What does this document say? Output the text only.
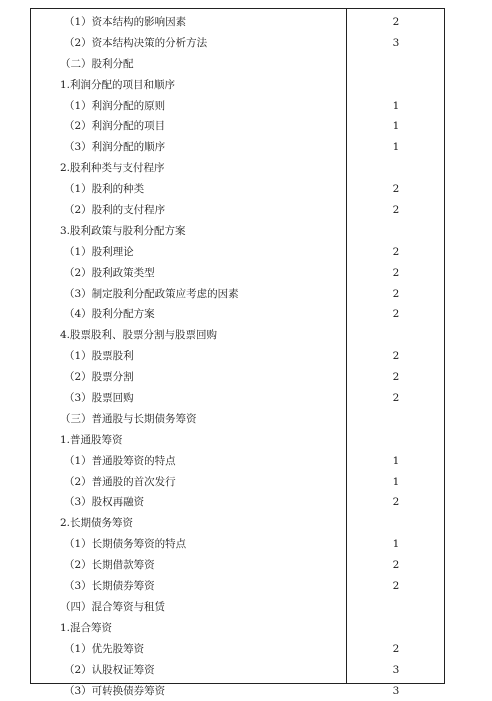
（1）资本结构的影响因素	2
（2）资本结构决策的分析方法	3
（二）股利分配
1.利润分配的项目和顺序
（1）利润分配的原则	1
（2）利润分配的项目	1
（3）利润分配的顺序	1
2.股利种类与支付程序
（1）股利的种类	2
（2）股利的支付程序	2
3.股利政策与股利分配方案
（1）股利理论	2
（2）股利政策类型	2
（3）制定股利分配政策应考虑的因素	2
（4）股利分配方案	2
4.股票股利、股票分割与股票回购
（1）股票股利	2
（2）股票分割	2
（3）股票回购	2
（三）普通股与长期债务筹资
1.普通股筹资
（1）普通股筹资的特点	1
（2）普通股的首次发行	1
（3）股权再融资	2
2.长期债务筹资
（1）长期债务筹资的特点	1
（2）长期借款筹资	2
（3）长期债券筹资	2
（四）混合筹资与租赁
1.混合筹资
（1）优先股筹资	2
（2）认股权证筹资	3
（3）可转换债券筹资	3
